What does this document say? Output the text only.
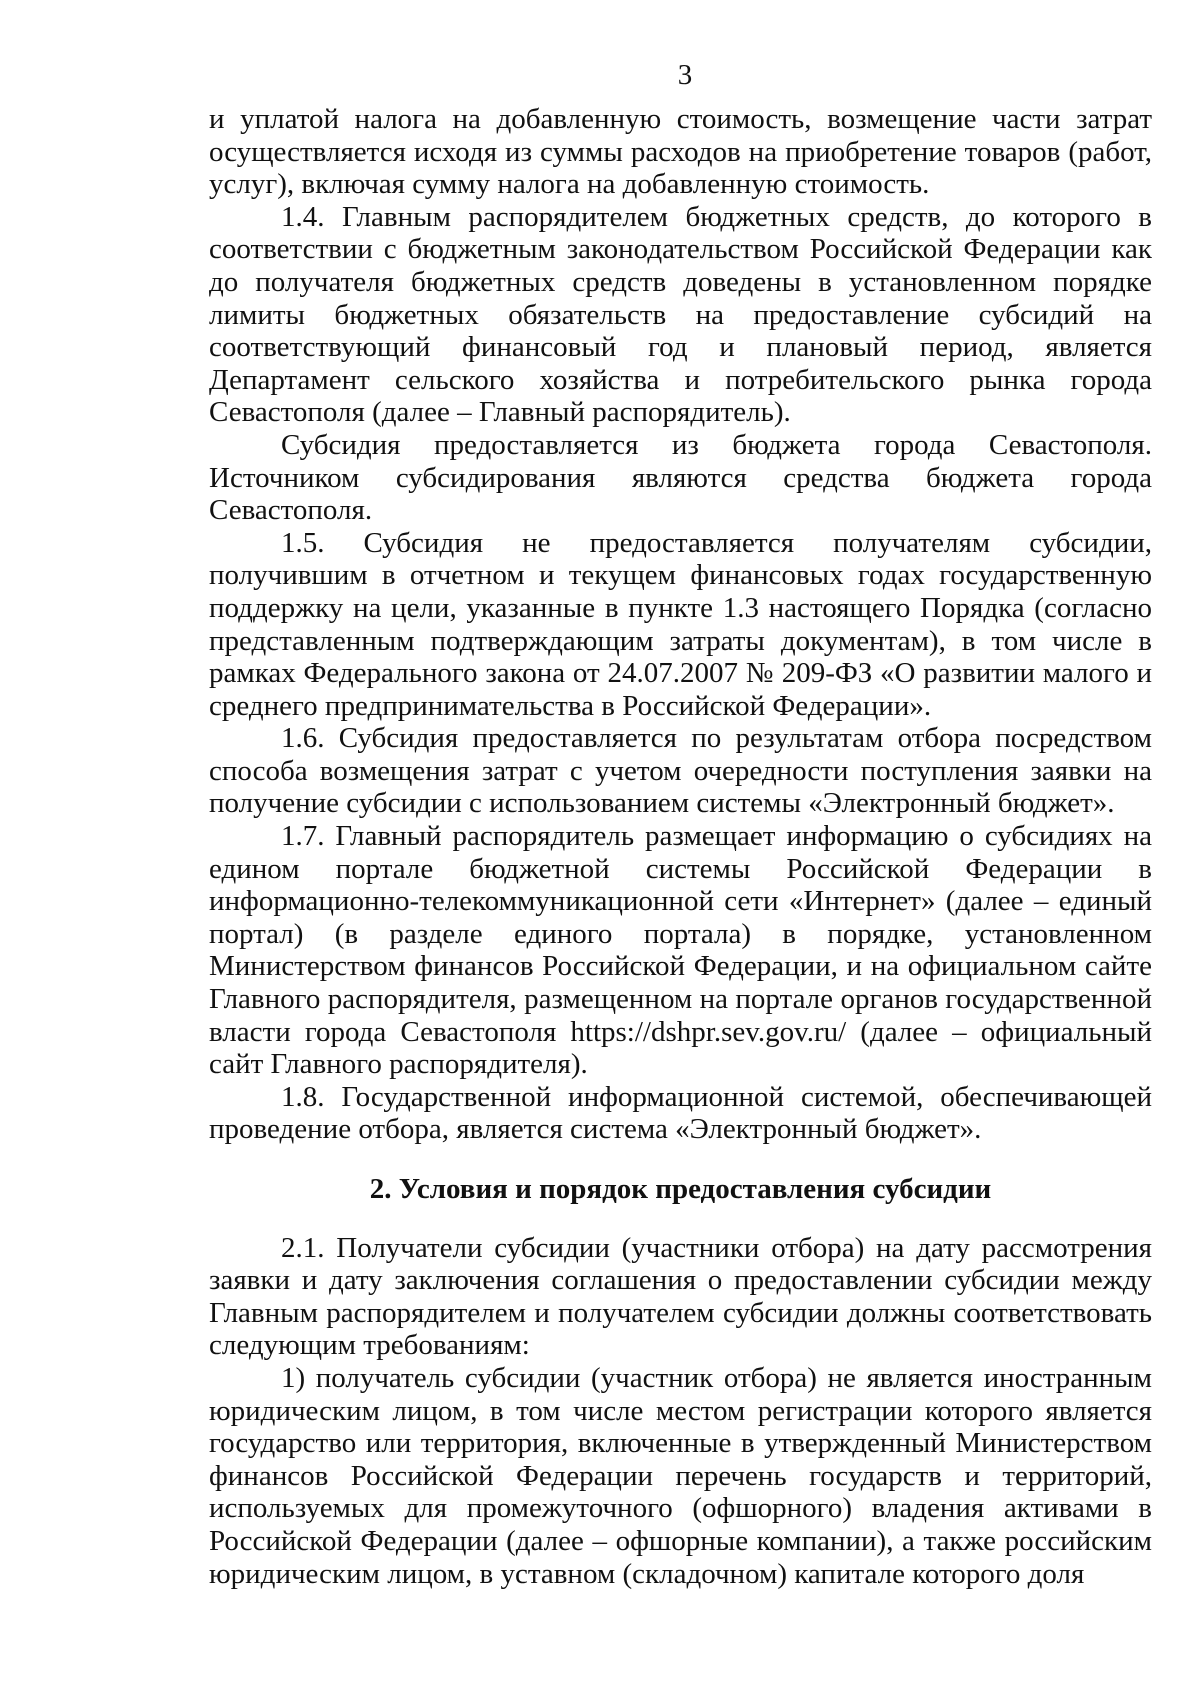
3

и уплатой налога на добавленную стоимость, возмещение части затрат осуществляется исходя из суммы расходов на приобретение товаров (работ, услуг), включая сумму налога на добавленную стоимость.

1.4. Главным распорядителем бюджетных средств, до которого в соответствии с бюджетным законодательством Российской Федерации как до получателя бюджетных средств доведены в установленном порядке лимиты бюджетных обязательств на предоставление субсидий на соответствующий финансовый год и плановый период, является Департамент сельского хозяйства и потребительского рынка города Севастополя (далее – Главный распорядитель).

Субсидия предоставляется из бюджета города Севастополя. Источником субсидирования являются средства бюджета города Севастополя.

1.5. Субсидия не предоставляется получателям субсидии, получившим в отчетном и текущем финансовых годах государственную поддержку на цели, указанные в пункте 1.3 настоящего Порядка (согласно представленным подтверждающим затраты документам), в том числе в рамках Федерального закона от 24.07.2007 № 209-ФЗ «О развитии малого и среднего предпринимательства в Российской Федерации».

1.6. Субсидия предоставляется по результатам отбора посредством способа возмещения затрат с учетом очередности поступления заявки на получение субсидии с использованием системы «Электронный бюджет».

1.7. Главный распорядитель размещает информацию о субсидиях на едином портале бюджетной системы Российской Федерации в информационно-телекоммуникационной сети «Интернет» (далее – единый портал) (в разделе единого портала) в порядке, установленном Министерством финансов Российской Федерации, и на официальном сайте Главного распорядителя, размещенном на портале органов государственной власти города Севастополя https://dshpr.sev.gov.ru/ (далее – официальный сайт Главного распорядителя).

1.8. Государственной информационной системой, обеспечивающей проведение отбора, является система «Электронный бюджет».

2. Условия и порядок предоставления субсидии

2.1. Получатели субсидии (участники отбора) на дату рассмотрения заявки и дату заключения соглашения о предоставлении субсидии между Главным распорядителем и получателем субсидии должны соответствовать следующим требованиям:

1) получатель субсидии (участник отбора) не является иностранным юридическим лицом, в том числе местом регистрации которого является государство или территория, включенные в утвержденный Министерством финансов Российской Федерации перечень государств и территорий, используемых для промежуточного (офшорного) владения активами в Российской Федерации (далее – офшорные компании), а также российским юридическим лицом, в уставном (складочном) капитале которого доля
